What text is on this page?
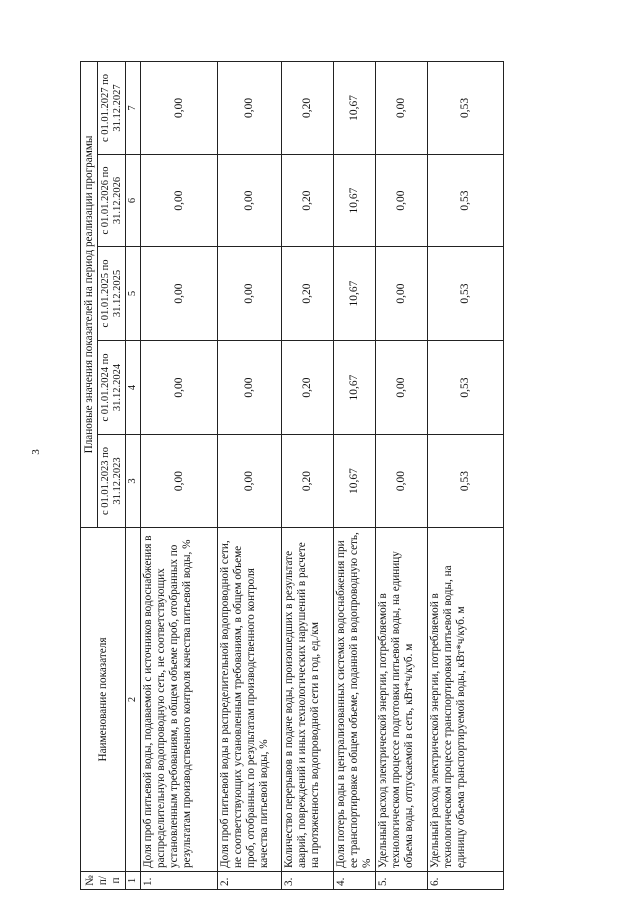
3
№ п/п	Наименование показателя	Плановые значения показателей на период реализации программы				
		с 01.01.2023 по 31.12.2023	с 01.01.2024 по 31.12.2024	с 01.01.2025 по 31.12.2025	с 01.01.2026 по 31.12.2026	с 01.01.2027 по 31.12.2027
1	2	3	4	5	6	7
1.	Доля проб питьевой воды, подаваемой с источников водоснабжения в распределительную водопроводную сеть, не соответствующих установленным требованиям, в общем объеме проб, отобранных по результатам производственного контроля качества питьевой воды, %	0,00	0,00	0,00	0,00	0,00
2.	Доля проб питьевой воды в распределительной водопроводной сети, не соответствующих установленным требованиям, в общем объеме проб, отобранных по результатам производственного контроля качества питьевой воды, %	0,00	0,00	0,00	0,00	0,00
3.	Количество перерывов в подаче воды, произошедших в результате аварий, повреждений и иных технологических нарушений в расчете на протяженность водопроводной сети в год, ед./км	0,20	0,20	0,20	0,20	0,20
4.	Доля потерь воды в централизованных системах водоснабжения при ее транспортировке в общем объеме, поданной в водопроводную сеть, %	10,67	10,67	10,67	10,67	10,67
5.	Удельный расход электрической энергии, потребляемой в технологическом процессе подготовки питьевой воды, на единицу объема воды, отпускаемой в сеть, кВт*ч/куб. м	0,00	0,00	0,00	0,00	0,00
6.	Удельный расход электрической энергии, потребляемой в технологическом процессе транспортировки питьевой воды, на единицу объема транспортируемой воды, кВт*ч/куб. м	0,53	0,53	0,53	0,53	0,53
